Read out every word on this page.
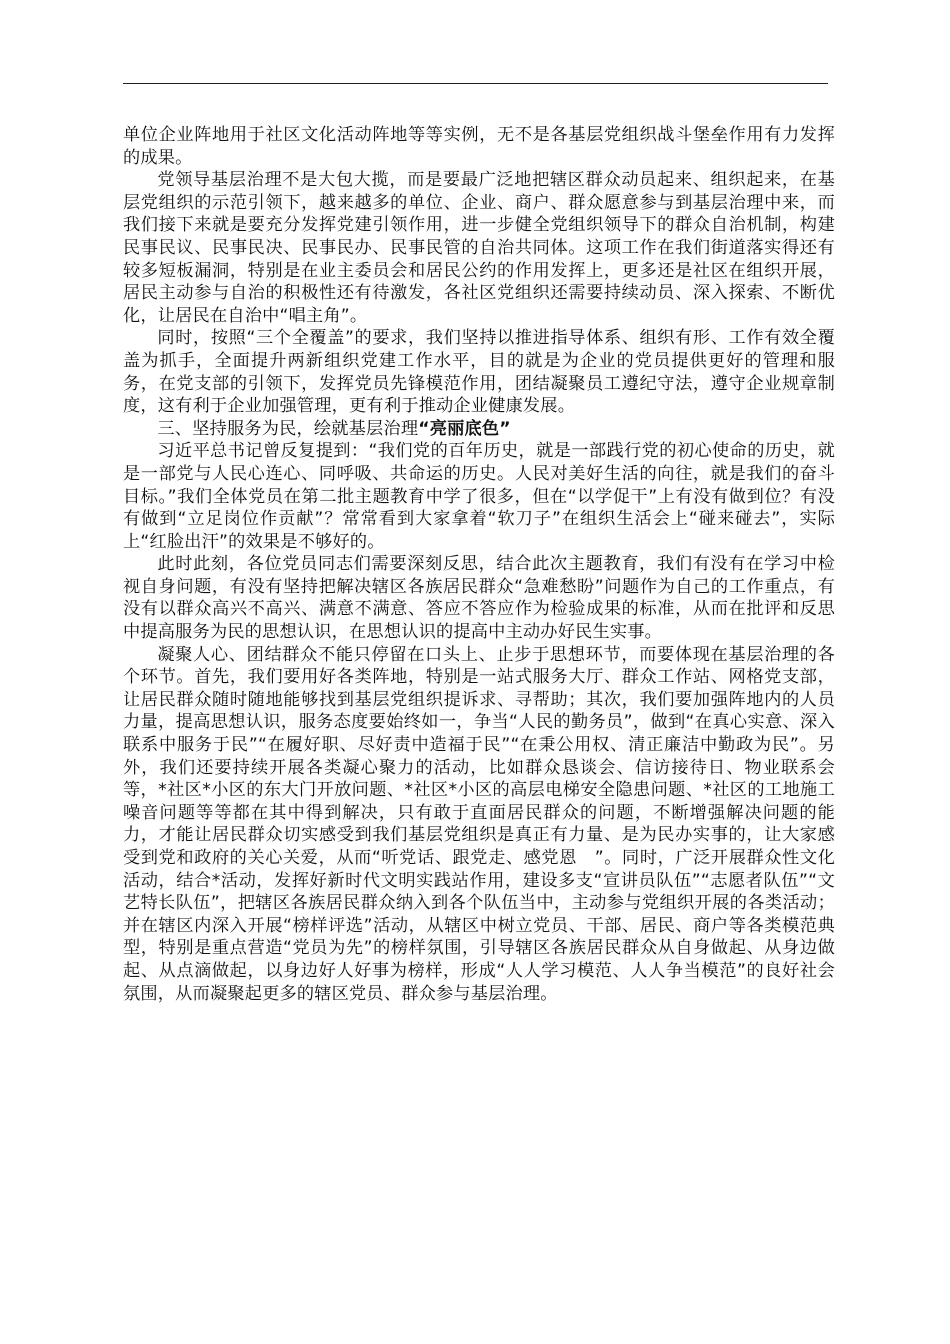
单位企业阵地用于社区文化活动阵地等等实例，无不是各基层党组织战斗堡垒作用有力发挥的成果。

党领导基层治理不是大包大揽，而是要最广泛地把辖区群众动员起来、组织起来，在基层党组织的示范引领下，越来越多的单位、企业、商户、群众愿意参与到基层治理中来，而我们接下来就是要充分发挥党建引领作用，进一步健全党组织领导下的群众自治机制，构建民事民议、民事民决、民事民办、民事民管的自治共同体。这项工作在我们街道落实得还有较多短板漏洞，特别是在业主委员会和居民公约的作用发挥上，更多还是社区在组织开展，居民主动参与自治的积极性还有待激发，各社区党组织还需要持续动员、深入探索、不断优化，让居民在自治中“唱主角”。

同时，按照“三个全覆盖”的要求，我们坚持以推进指导体系、组织有形、工作有效全覆盖为抓手，全面提升两新组织党建工作水平，目的就是为企业的党员提供更好的管理和服务，在党支部的引领下，发挥党员先锋模范作用，团结凝聚员工遵纪守法，遵守企业规章制度，这有利于企业加强管理，更有利于推动企业健康发展。

三、坚持服务为民，绘就基层治理“亮丽底色”

习近平总书记曾反复提到：“我们党的百年历史，就是一部践行党的初心使命的历史，就是一部党与人民心连心、同呼吸、共命运的历史。人民对美好生活的向往，就是我们的奋斗目标。”我们全体党员在第二批主题教育中学了很多，但在“以学促干”上有没有做到位？有没有做到“立足岗位作贡献”？常常看到大家拿着“软刀子”在组织生活会上“碰来碰去”，实际上“红脸出汗”的效果是不够好的。

此时此刻，各位党员同志们需要深刻反思，结合此次主题教育，我们有没有在学习中检视自身问题，有没有坚持把解决辖区各族居民群众“急难愁盼”问题作为自己的工作重点，有没有以群众高兴不高兴、满意不满意、答应不答应作为检验成果的标准，从而在批评和反思中提高服务为民的思想认识，在思想认识的提高中主动办好民生实事。

凝聚人心、团结群众不能只停留在口头上、止步于思想环节，而要体现在基层治理的各个环节。首先，我们要用好各类阵地，特别是一站式服务大厅、群众工作站、网格党支部，让居民群众随时随地能够找到基层党组织提诉求、寻帮助；其次，我们要加强阵地内的人员力量，提高思想认识，服务态度要始终如一，争当“人民的勤务员”，做到“在真心实意、深入联系中服务于民”“在履好职、尽好责中造福于民”“在秉公用权、清正廉洁中勤政为民”。另外，我们还要持续开展各类凝心聚力的活动，比如群众恳谈会、信访接待日、物业联系会等，*社区*小区的东大门开放问题、*社区*小区的高层电梯安全隐患问题、*社区的工地施工噪音问题等等都在其中得到解决，只有敢于直面居民群众的问题，不断增强解决问题的能力，才能让居民群众切实感受到我们基层党组织是真正有力量、是为民办实事的，让大家感受到党和政府的关心关爱，从而“听党话、跟党走、感党恩　”。同时，广泛开展群众性文化活动，结合*活动，发挥好新时代文明实践站作用，建设多支“宣讲员队伍”“志愿者队伍”“文艺特长队伍”，把辖区各族居民群众纳入到各个队伍当中，主动参与党组织开展的各类活动；并在辖区内深入开展“榜样评选”活动，从辖区中树立党员、干部、居民、商户等各类模范典型，特别是重点营造“党员为先”的榜样氛围，引导辖区各族居民群众从自身做起、从身边做起、从点滴做起，以身边好人好事为榜样，形成“人人学习模范、人人争当模范”的良好社会氛围，从而凝聚起更多的辖区党员、群众参与基层治理。
